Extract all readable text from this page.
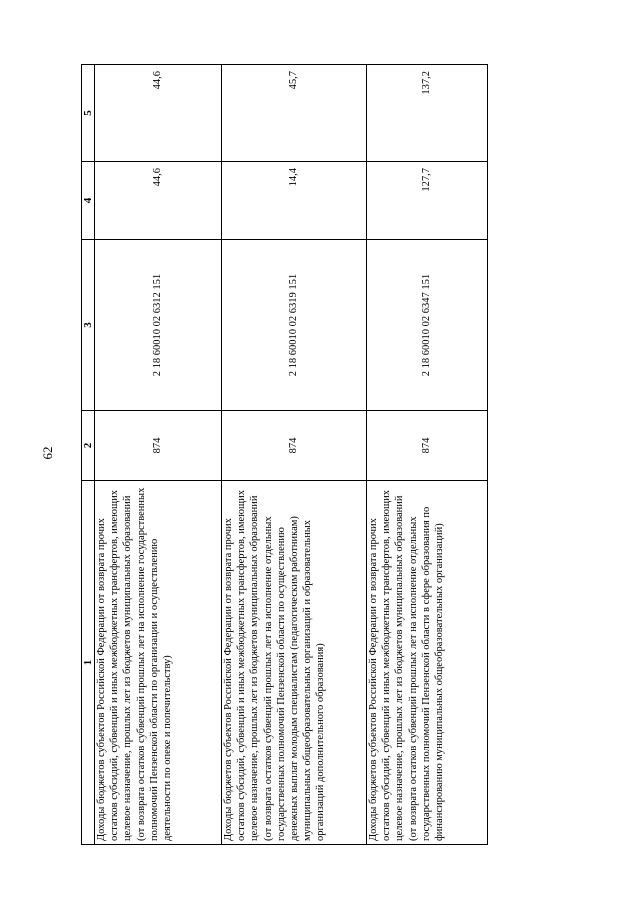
62
1	2	3	4	5
Доходы бюджетов субъектов Российской Федерации от возврата прочих остатков субсидий, субвенций и иных межбюджетных трансфертов, имеющих целевое назначение, прошлых лет из бюджетов муниципальных образований (от возврата остатков субвенций прошлых лет на исполнение государственных полномочий Пензенской области по организации и осуществлению деятельности по опеке и попечительству)	874	2 18 60010 02 6312 151	44,6	44,6
Доходы бюджетов субъектов Российской Федерации от возврата прочих остатков субсидий, субвенций и иных межбюджетных трансфертов, имеющих целевое назначение, прошлых лет из бюджетов муниципальных образований (от возврата остатков субвенций прошлых лет на исполнение отдельных государственных полномочий Пензенской области по осуществлению денежных выплат молодым специалистам (педагогическим работникам) муниципальных общеобразовательных организаций и образовательных организаций дополнительного образования)	874	2 18 60010 02 6319 151	14,4	45,7
Доходы бюджетов субъектов Российской Федерации от возврата прочих остатков субсидий, субвенций и иных межбюджетных трансфертов, имеющих целевое назначение, прошлых лет из бюджетов муниципальных образований (от возврата остатков субвенций прошлых лет на исполнение отдельных государственных полномочий Пензенской области в сфере образования по финансированию муниципальных общеобразовательных организаций)	874	2 18 60010 02 6347 151	127,7	137,2
